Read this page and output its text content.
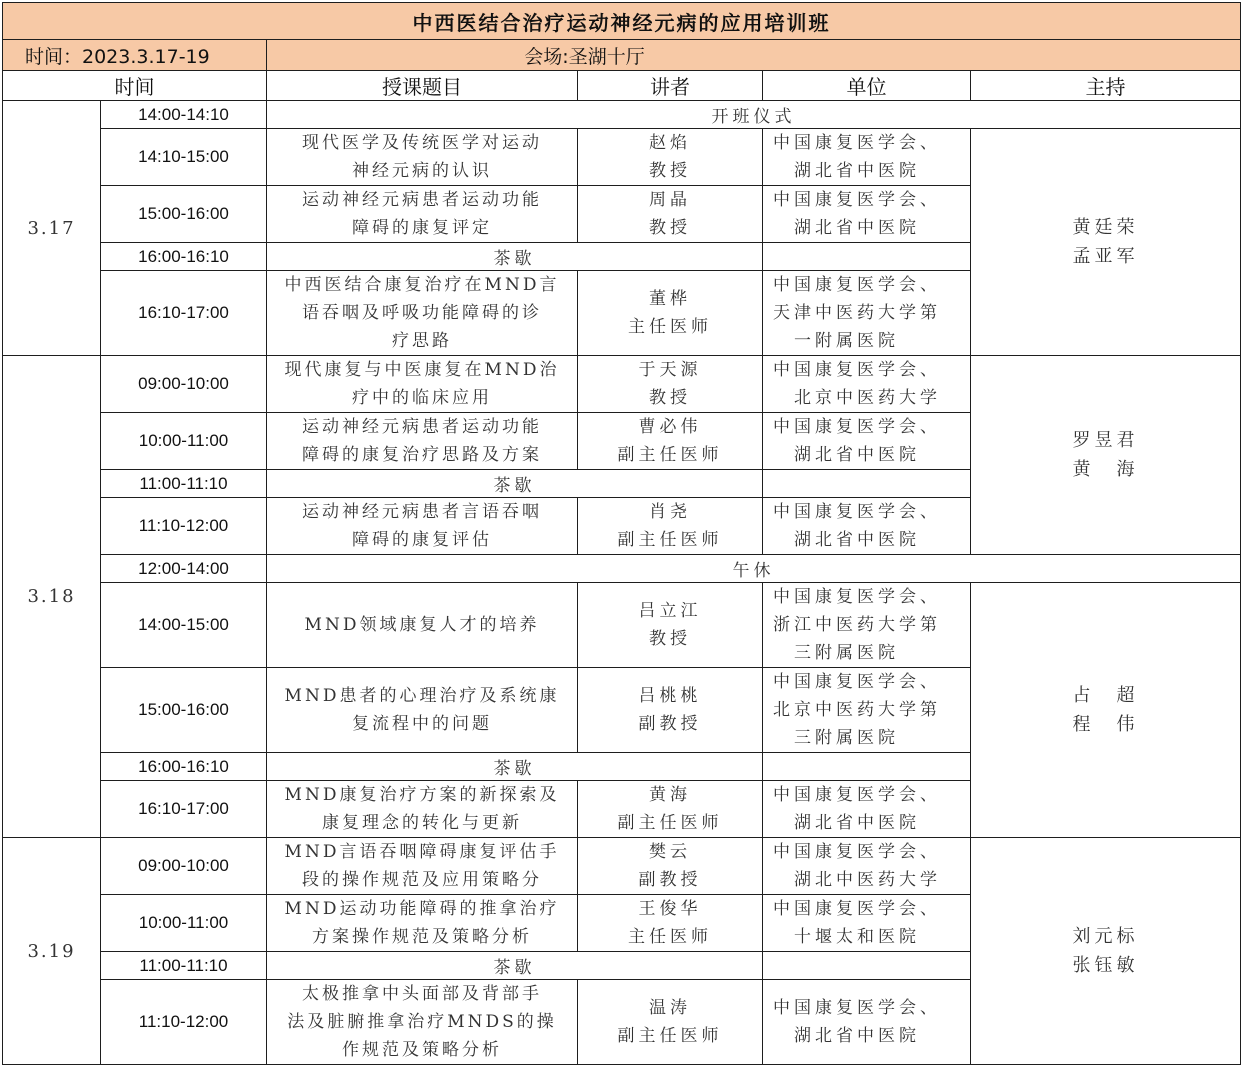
中西医结合治疗运动神经元病的应用培训班					
时间：2023.3.17-19		会场:圣湖十厅			
时间		授课题目	讲者	单位	主持
3.17	14:00-14:10	开班仪式			
	14:10-15:00	现代医学及传统医学对运动
神经元病的认识	赵焰
教授	中国康复医学会、
　湖北省中医院	黄廷荣
孟亚军
	15:00-16:00	运动神经元病患者运动功能
障碍的康复评定	周晶
教授	中国康复医学会、
　湖北省中医院	
	16:00-16:10	茶歇			
	16:10-17:00	中西医结合康复治疗在MND言
语吞咽及呼吸功能障碍的诊
疗思路	董桦
主任医师	中国康复医学会、
天津中医药大学第
　一附属医院	
3.18	09:00-10:00	现代康复与中医康复在MND治
疗中的临床应用	于天源
教授	中国康复医学会、
　北京中医药大学	罗昱君
黄　海
	10:00-11:00	运动神经元病患者运动功能
障碍的康复治疗思路及方案	曹必伟
副主任医师	中国康复医学会、
　湖北省中医院	
	11:00-11:10	茶歇			
	11:10-12:00	运动神经元病患者言语吞咽
障碍的康复评估	肖尧
副主任医师	中国康复医学会、
　湖北省中医院	
	12:00-14:00	午休			
	14:00-15:00	MND领域康复人才的培养	吕立江
教授	中国康复医学会、
浙江中医药大学第
　三附属医院	占　超
程　伟
	15:00-16:00	MND患者的心理治疗及系统康
复流程中的问题	吕桃桃
副教授	中国康复医学会、
北京中医药大学第
　三附属医院	
	16:00-16:10	茶歇			
	16:10-17:00	MND康复治疗方案的新探索及
康复理念的转化与更新	黄海
副主任医师	中国康复医学会、
　湖北省中医院	
3.19	09:00-10:00	MND言语吞咽障碍康复评估手
段的操作规范及应用策略分	樊云
副教授	中国康复医学会、
　湖北中医药大学	刘元标
张钰敏
	10:00-11:00	MND运动功能障碍的推拿治疗
方案操作规范及策略分析	王俊华
主任医师	中国康复医学会、
　十堰太和医院	
	11:00-11:10	茶歇			
	11:10-12:00	太极推拿中头面部及背部手
法及脏腑推拿治疗MNDS的操
作规范及策略分析	温涛
副主任医师	中国康复医学会、
　湖北省中医院	
